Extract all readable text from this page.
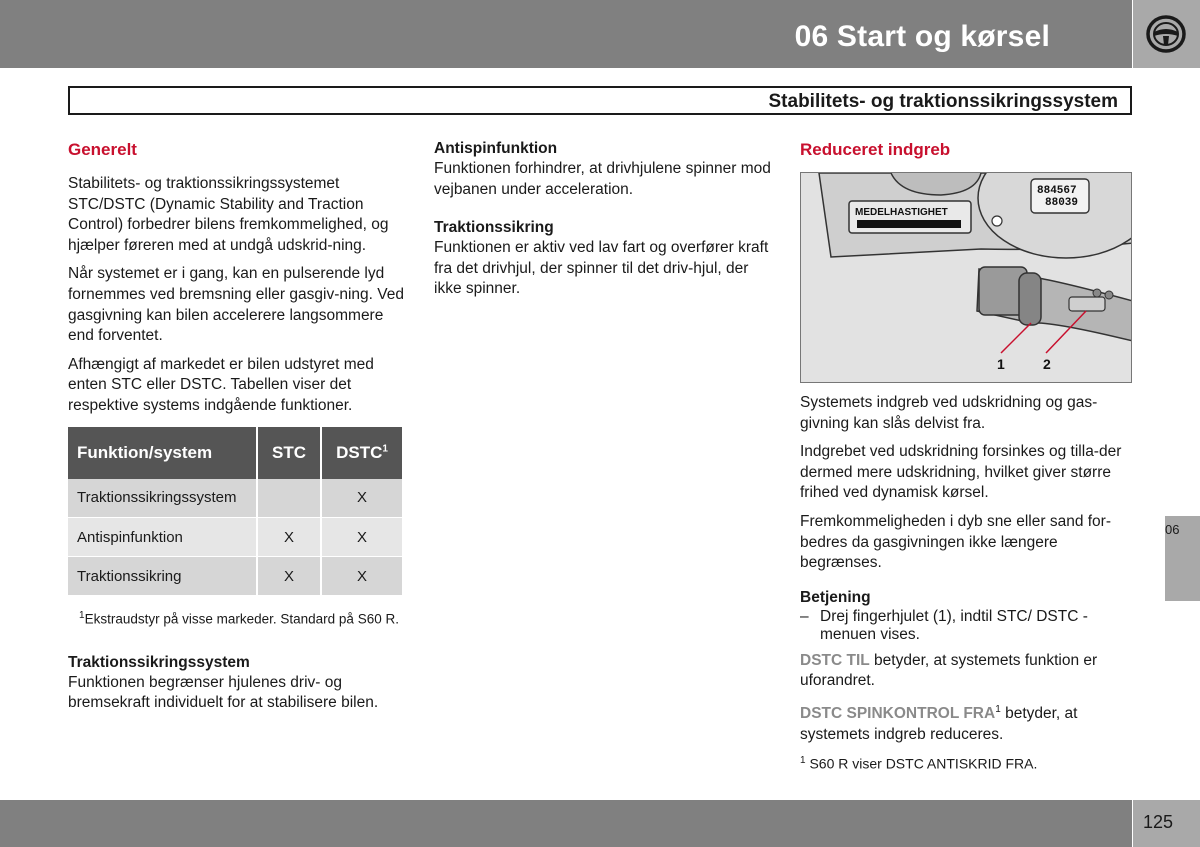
06 Start og kørsel
Stabilitets- og traktionssikringssystem
Generelt

Stabilitets- og traktionssikringssystemet STC/DSTC (Dynamic Stability and Traction Control) forbedrer bilens fremkommelighed, og hjælper føreren med at undgå udskrid-ning.

Når systemet er i gang, kan en pulserende lyd fornemmes ved bremsning eller gasgiv-ning. Ved gasgivning kan bilen accelerere langsommere end forventet.

Afhængigt af markedet er bilen udstyret med enten STC eller DSTC. Tabellen viser det respektive systems indgående funktioner.

Funktion/system	STC	DSTC$^1$
Traktionssikringssystem		X
Antispinfunktion	X	X
Traktionssikring	X	X
$^1$Ekstraudstyr på visse markeder. Standard på S60 R.
Traktionssikringssystem

Funktionen begrænser hjulenes driv- og bremsekraft individuelt for at stabilisere bilen.

Antispinfunktion

Funktionen forhindrer, at drivhjulene spinner mod vejbanen under acceleration.

Traktionssikring

Funktionen er aktiv ved lav fart og overfører kraft fra det drivhjul, der spinner til det driv-hjul, der ikke spinner.

Reduceret indgreb
MEDELHASTIGHET
884567
88039
1	2

Systemets indgreb ved udskridning og gas-givning kan slås delvist fra.

Indgrebet ved udskridning forsinkes og tilla-der dermed mere udskridning, hvilket giver større frihed ved dynamisk kørsel.

Fremkommeligheden i dyb sne eller sand for-bedres da gasgivningen ikke længere begrænses.

Betjening
– Drej fingerhjulet (1), indtil STC/ DSTC -menuen vises.

DSTC TIL betyder, at systemets funktion er uforandret.

DSTC SPINKONTROL FRA$^1$ betyder, at systemets indgreb reduceres.

$^1$ S60 R viser DSTC ANTISKRID FRA.
06
125
